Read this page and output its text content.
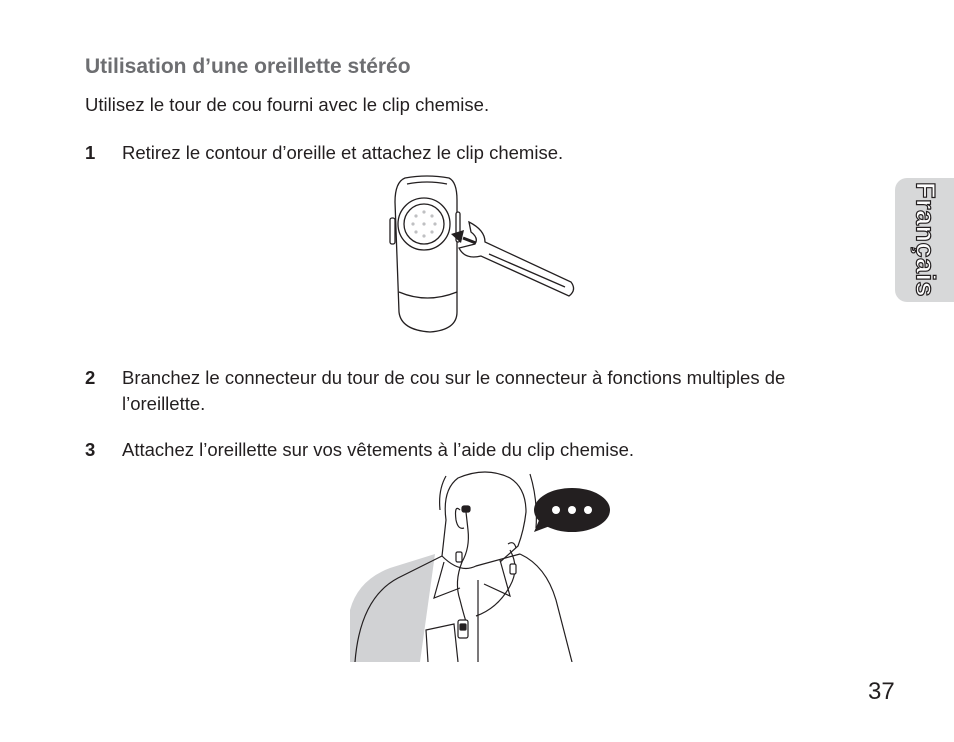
Utilisation d’une oreillette stéréo

Utilisez le tour de cou fourni avec le clip chemise.

1 Retirez le contour d’oreille et attachez le clip chemise.
2 Branchez le connecteur du tour de cou sur le connecteur à fonctions multiples de l’oreillette.
3 Attachez l’oreillette sur vos vêtements à l’aide du clip chemise.
Français
37
